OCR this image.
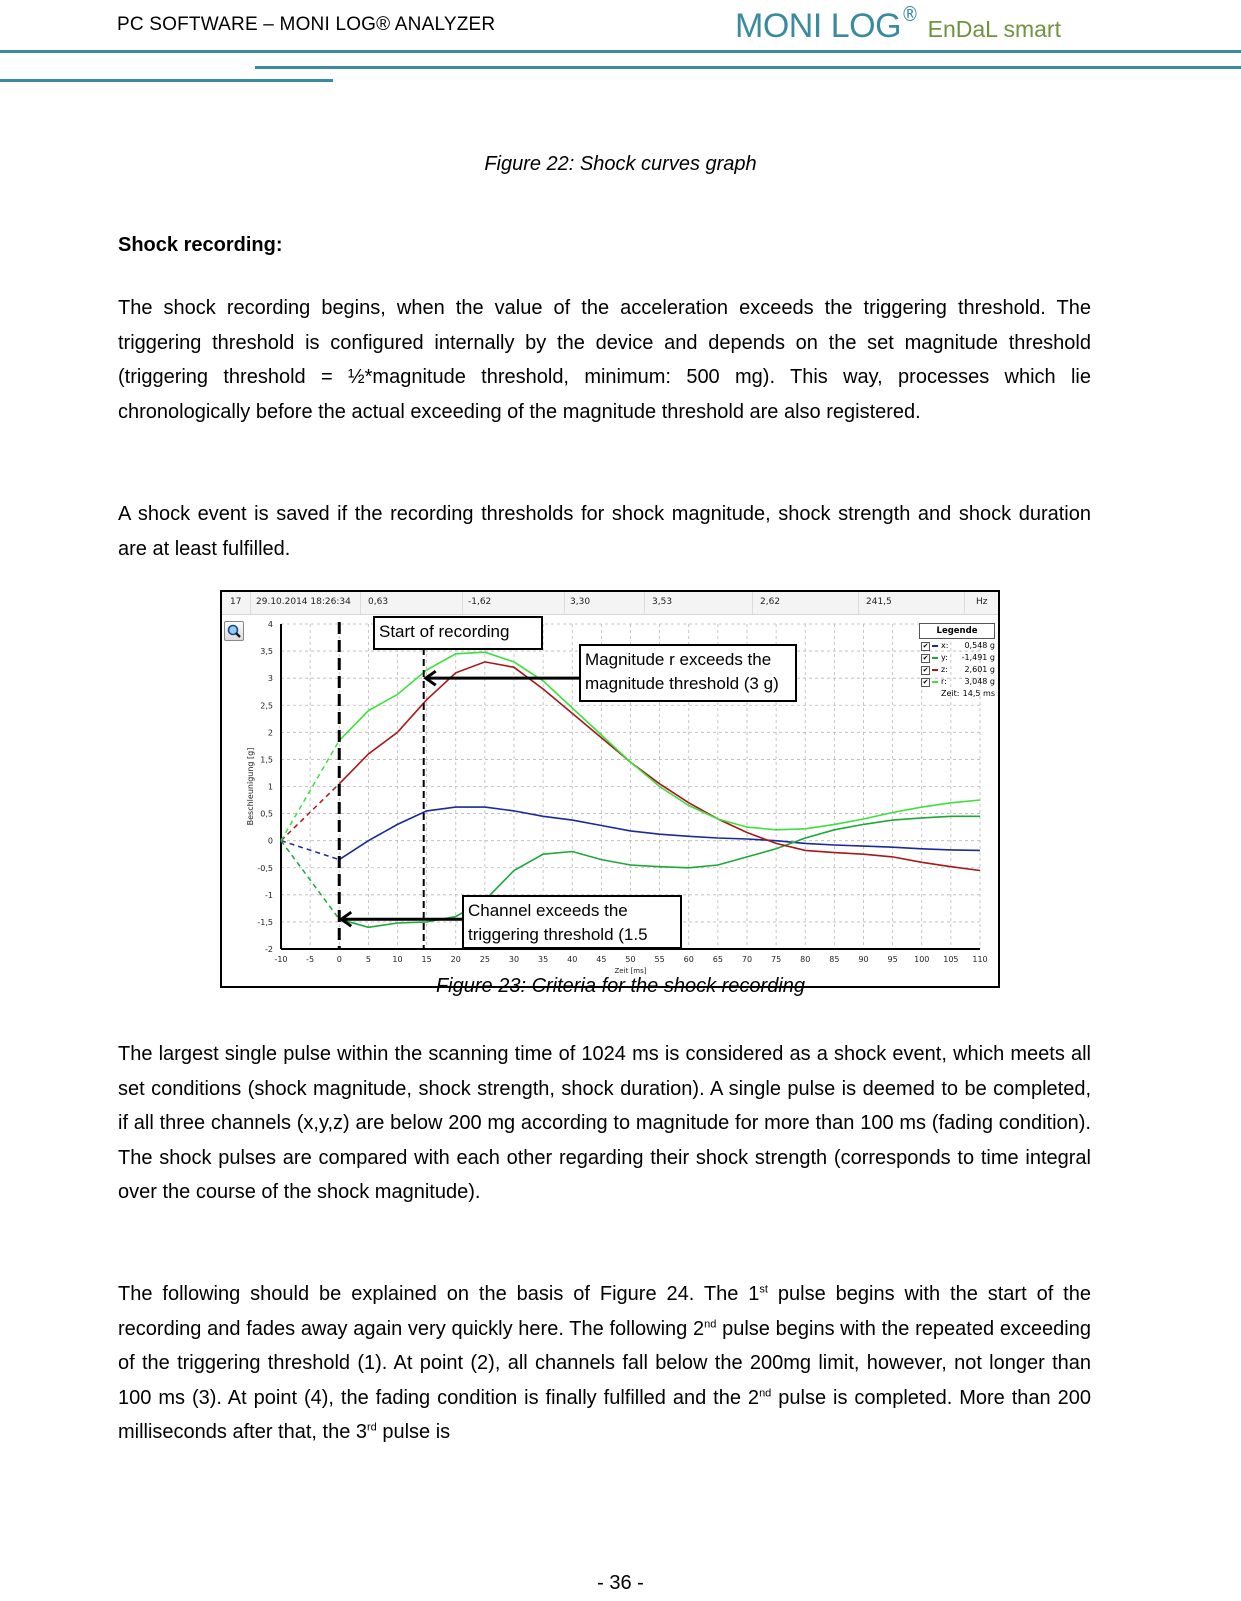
PC SOFTWARE – MONI LOG® ANALYZER	MONI LOG® EnDaL smart
Figure 22: Shock curves graph
Shock recording:
The shock recording begins, when the value of the acceleration exceeds the triggering threshold. The triggering threshold is configured internally by the device and depends on the set magnitude threshold (triggering threshold = ½*magnitude threshold, minimum: 500 mg). This way, processes which lie chronologically before the actual exceeding of the magnitude threshold are also registered.
A shock event is saved if the recording thresholds for shock magnitude, shock strength and shock duration are at least fulfilled.
17 29.10.2014 18:26:34 0,63	-1,62	3,30	3,53	2,62	241,5	Hz
-10 -5	0	5	10 15 20 25 30 35 40 45 50 55 60 65 70 75 80 85 90 95 100 105 110
-2
-1,5
-1
-0,5
0
0,5
1
1,5
2
2,5
3
3,5
4
Beschleunigung [g]
Zeit [ms]
Start of recording
Magnitude r exceeds the
magnitude threshold (3 g)
Channel exceeds the
triggering threshold (1.5
Legende
✔ x: 0,548 g
✔ y: -1,491 g
✔ z: 2,601 g
✔ r: 3,048 g
Zeit: 14,5 ms
Figure 23: Criteria for the shock recording
The largest single pulse within the scanning time of 1024 ms is considered as a shock event, which meets all set conditions (shock magnitude, shock strength, shock duration). A single pulse is deemed to be completed, if all three channels (x,y,z) are below 200 mg according to magnitude for more than 100 ms (fading condition). The shock pulses are compared with each other regarding their shock strength (corresponds to time integral over the course of the shock magnitude).
The following should be explained on the basis of Figure 24. The 1st pulse begins with the start of the recording and fades away again very quickly here. The following 2nd pulse begins with the repeated exceeding of the triggering threshold (1). At point (2), all channels fall below the 200mg limit, however, not longer than 100 ms (3). At point (4), the fading condition is finally fulfilled and the 2nd pulse is completed. More than 200 milliseconds after that, the 3rd pulse is
- 36 -
